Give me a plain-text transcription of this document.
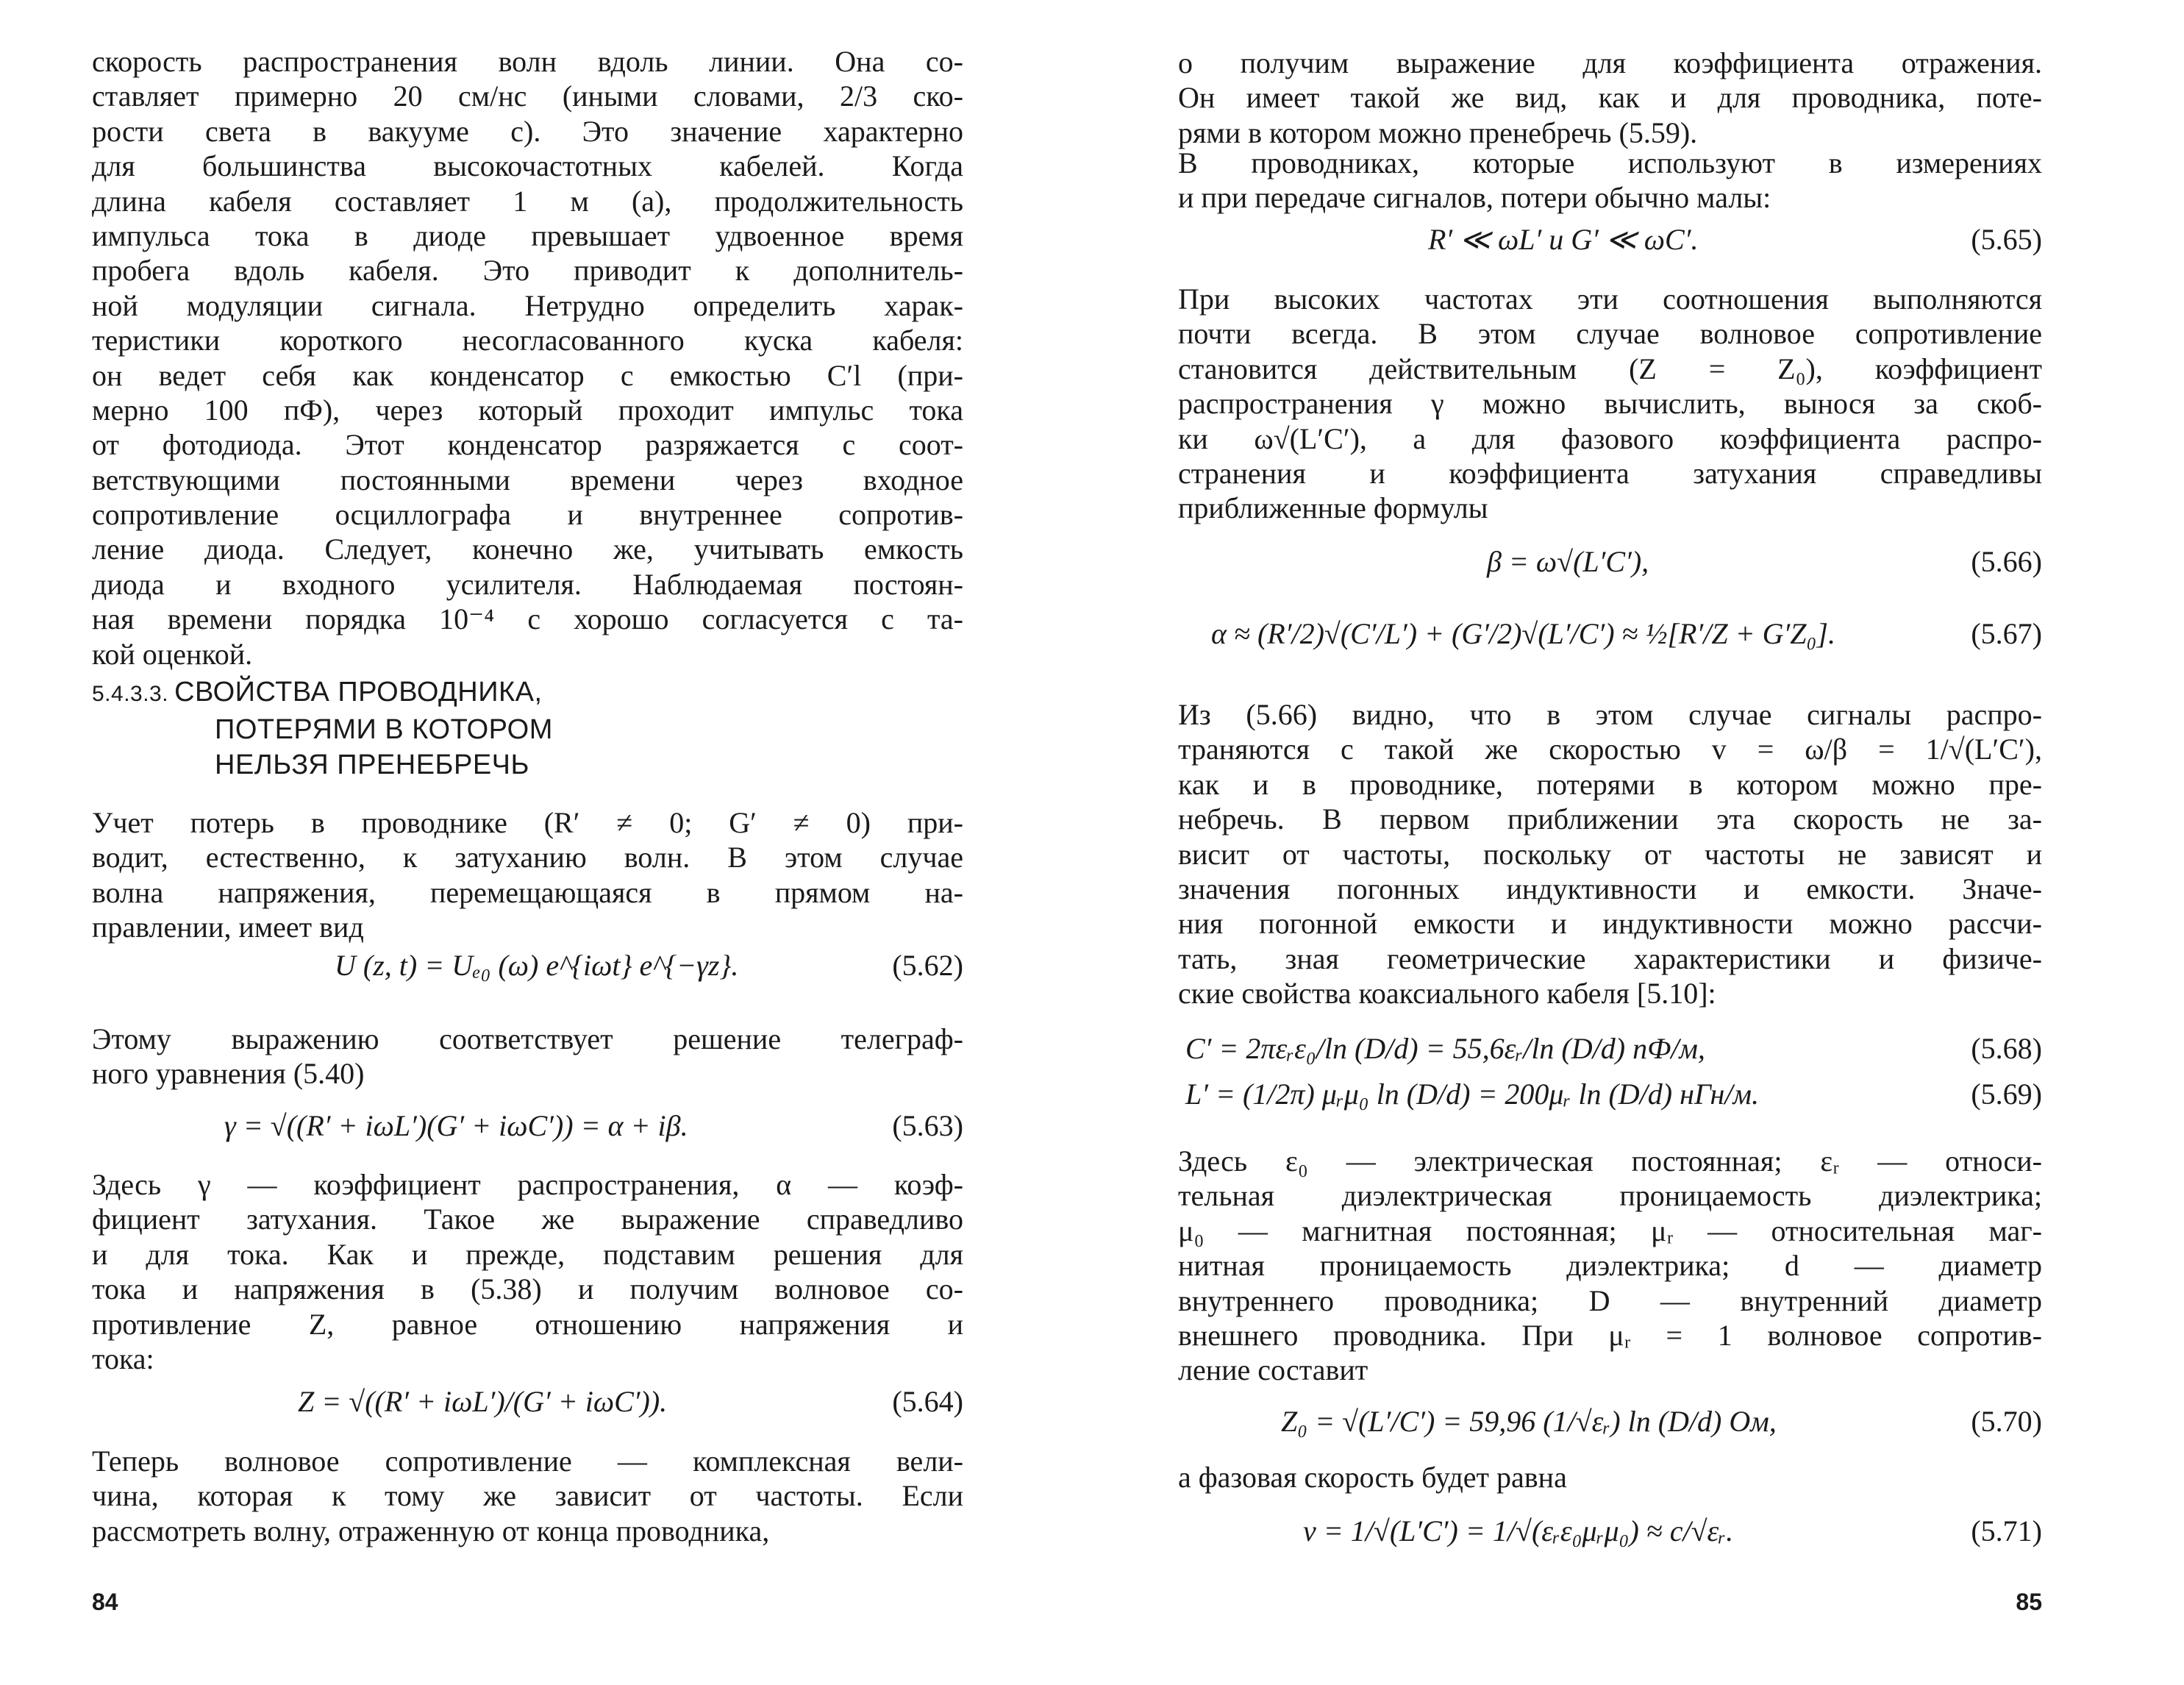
скорость распространения волн вдоль линии. Она со-
ставляет примерно 20 см/нс (иными словами, 2/3 ско-
рости света в вакууме c). Это значение характерно
для большинства высокочастотных кабелей. Когда
длина кабеля составляет 1 м (a), продолжительность
импульса тока в диоде превышает удвоенное время
пробега вдоль кабеля. Это приводит к дополнитель-
ной модуляции сигнала. Нетрудно определить харак-
теристики короткого несогласованного куска кабеля:
он ведет себя как конденсатор с емкостью C′l (при-
мерно 100 пФ), через который проходит импульс тока
от фотодиода. Этот конденсатор разряжается с соот-
ветствующими постоянными времени через входное
сопротивление осциллографа и внутреннее сопротив-
ление диода. Следует, конечно же, учитывать емкость
диода и входного усилителя. Наблюдаемая постоян-
ная времени порядка 10⁻⁴ с хорошо согласуется с та-
кой оценкой.
5.4.3.3. СВОЙСТВА ПРОВОДНИКА,
ПОТЕРЯМИ В КОТОРОМ
НЕЛЬЗЯ ПРЕНЕБРЕЧЬ
Учет потерь в проводнике (R′ ≠ 0; G′ ≠ 0) при-
водит, естественно, к затуханию волн. В этом случае
волна напряжения, перемещающаяся в прямом на-
правлении, имеет вид
U (z, t) = Uₑ₀ (ω) e^{iωt} e^{−γz}.	(5.62)
Этому выражению соответствует решение телеграф-
ного уравнения (5.40)
γ = √((R′ + iωL′)(G′ + iωC′)) = α + iβ.	(5.63)
Здесь γ — коэффициент распространения, α — коэф-
фициент затухания. Такое же выражение справедливо
и для тока. Как и прежде, подставим решения для
тока и напряжения в (5.38) и получим волновое со-
противление Z, равное отношению напряжения и
тока:
Z = √((R′ + iωL′)/(G′ + iωC′)).	(5.64)
Теперь волновое сопротивление — комплексная вели-
чина, которая к тому же зависит от частоты. Если
рассмотреть волну, отраженную от конца проводника,
84
о получим выражение для коэффициента отражения.
Он имеет такой же вид, как и для проводника, поте-
рями в котором можно пренебречь (5.59).
В проводниках, которые используют в измерениях
и при передаче сигналов, потери обычно малы:
R′ ≪ ωL′ и G′ ≪ ωC′.	(5.65)
При высоких частотах эти соотношения выполняются
почти всегда. В этом случае волновое сопротивление
становится действительным (Z = Z₀), коэффициент
распространения γ можно вычислить, вынося за скоб-
ки ω√(L′C′), а для фазового коэффициента распро-
странения и коэффициента затухания справедливы
приближенные формулы
β = ω√(L′C′),	(5.66)
α ≈ (R′/2)√(C′/L′) + (G′/2)√(L′/C′) ≈ ½[R′/Z + G′Z₀].	(5.67)
Из (5.66) видно, что в этом случае сигналы распро-
траняются с такой же скоростью v = ω/β = 1/√(L′C′),
как и в проводнике, потерями в котором можно пре-
небречь. В первом приближении эта скорость не за-
висит от частоты, поскольку от частоты не зависят и
значения погонных индуктивности и емкости. Значе-
ния погонной емкости и индуктивности можно рассчи-
тать, зная геометрические характеристики и физиче-
ские свойства коаксиального кабеля [5.10]:
C′ = 2πεᵣε₀/ln (D/d) = 55,6εᵣ/ln (D/d) пФ/м,	(5.68)
L′ = (1/2π) μᵣμ₀ ln (D/d) = 200μᵣ ln (D/d) нГн/м.	(5.69)
Здесь ε₀ — электрическая постоянная; εᵣ — относи-
тельная диэлектрическая проницаемость диэлектрика;
μ₀ — магнитная постоянная; μᵣ — относительная маг-
нитная проницаемость диэлектрика; d — диаметр
внутреннего проводника; D — внутренний диаметр
внешнего проводника. При μᵣ = 1 волновое сопротив-
ление составит
Z₀ = √(L′/C′) = 59,96 (1/√εᵣ) ln (D/d) Ом,	(5.70)
а фазовая скорость будет равна
v = 1/√(L′C′) = 1/√(εᵣε₀μᵣμ₀) ≈ c/√εᵣ.	(5.71)
85
